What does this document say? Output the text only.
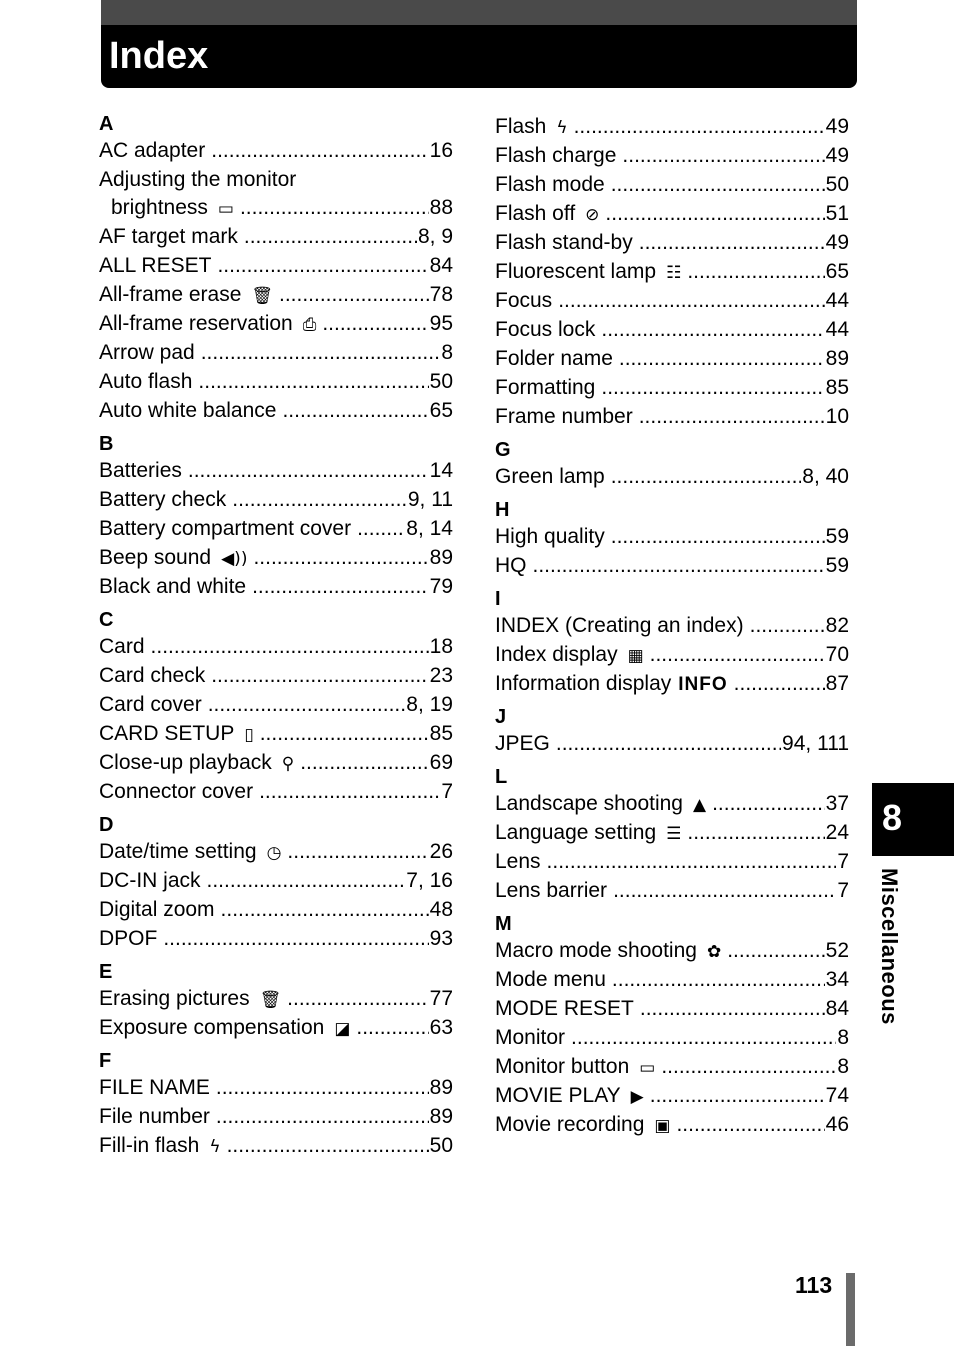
Index
A
AC adapter .....	16
Adjusting the monitor
brightness ▭ .....	88
AF target mark .....	8, 9
ALL RESET .....	84
All-frame erase 🗑 .....	78
All-frame reservation ⎙ .....	95
Arrow pad .....	8
Auto flash .....	50
Auto white balance .....	65
B
Batteries .....	14
Battery check .....	9, 11
Battery compartment cover .....	8, 14
Beep sound ◀)) .....	89
Black and white .....	79
C
Card .....	18
Card check .....	23
Card cover .....	8, 19
CARD SETUP ▯ .....	85
Close-up playback ⚲ .....	69
Connector cover .....	7
D
Date/time setting ◷ .....	26
DC-IN jack .....	7, 16
Digital zoom .....	48
DPOF .....	93
E
Erasing pictures 🗑 .....	77
Exposure compensation ◪ .....	63
F
FILE NAME .....	89
File number .....	89
Fill-in flash ϟ .....	50
Flash ϟ .....	49
Flash charge .....	49
Flash mode .....	50
Flash off ⊘ .....	51
Flash stand-by .....	49
Fluorescent lamp ☷ .....	65
Focus .....	44
Focus lock .....	44
Folder name .....	89
Formatting .....	85
Frame number .....	10
G
Green lamp .....	8, 40
H
High quality .....	59
HQ .....	59
I
INDEX (Creating an index) .....	82
Index display ▦ .....	70
Information display INFO .....	87
J
JPEG .....	94, 111
L
Landscape shooting ▲ .....	37
Language setting ☰ .....	24
Lens .....	7
Lens barrier .....	7
M
Macro mode shooting ✿ .....	52
Mode menu .....	34
MODE RESET .....	84
Monitor .....	8
Monitor button ▭ .....	8
MOVIE PLAY ▶ .....	74
Movie recording ▣ .....	46
8
Miscellaneous
113
